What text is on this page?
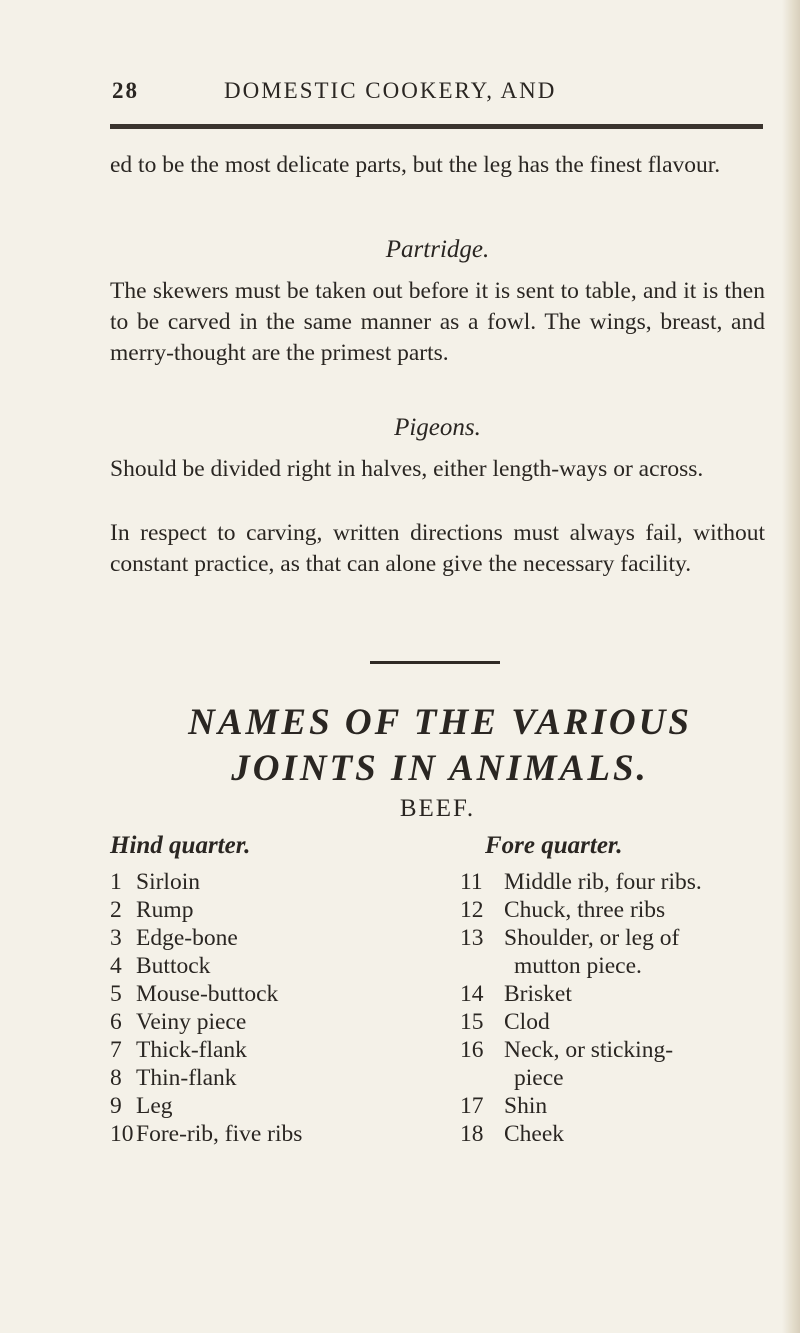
28	DOMESTIC COOKERY, AND

ed to be the most delicate parts, but the leg has the finest flavour.

Partridge.

The skewers must be taken out before it is sent to table, and it is then to be carved in the same manner as a fowl. The wings, breast, and merry-thought are the primest parts.

Pigeons.

Should be divided right in halves, either length-ways or across.

In respect to carving, written directions must always fail, without constant practice, as that can alone give the necessary facility.

NAMES OF THE VARIOUS
JOINTS IN ANIMALS.
BEEF.
Hind quarter.	Fore quarter.
1 Sirloin
2 Rump
3 Edge-bone
4 Buttock
5 Mouse-buttock
6 Veiny piece
7 Thick-flank
8 Thin-flank
9 Leg
10 Fore-rib, five ribs
11 Middle rib, four ribs.
12 Chuck, three ribs
13 Shoulder, or leg of
mutton piece.
14 Brisket
15 Clod
16 Neck, or sticking-
piece
17 Shin
18 Cheek
